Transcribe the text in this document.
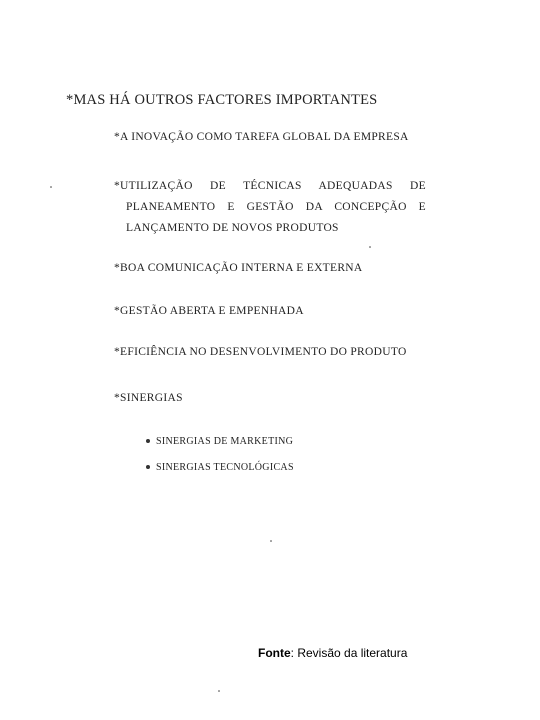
*MAS HÁ OUTROS FACTORES IMPORTANTES
*A INOVAÇÃO COMO TAREFA GLOBAL DA EMPRESA
*UTILIZAÇÃO DE TÉCNICAS ADEQUADAS DE
PLANEAMENTO E GESTÃO DA CONCEPÇÃO E
LANÇAMENTO DE NOVOS PRODUTOS
*BOA COMUNICAÇÃO INTERNA E EXTERNA
*GESTÃO ABERTA E EMPENHADA
*EFICIÊNCIA NO DESENVOLVIMENTO DO PRODUTO
*SINERGIAS
SINERGIAS DE MARKETING
SINERGIAS TECNOLÓGICAS
Fonte: Revisão da literatura
